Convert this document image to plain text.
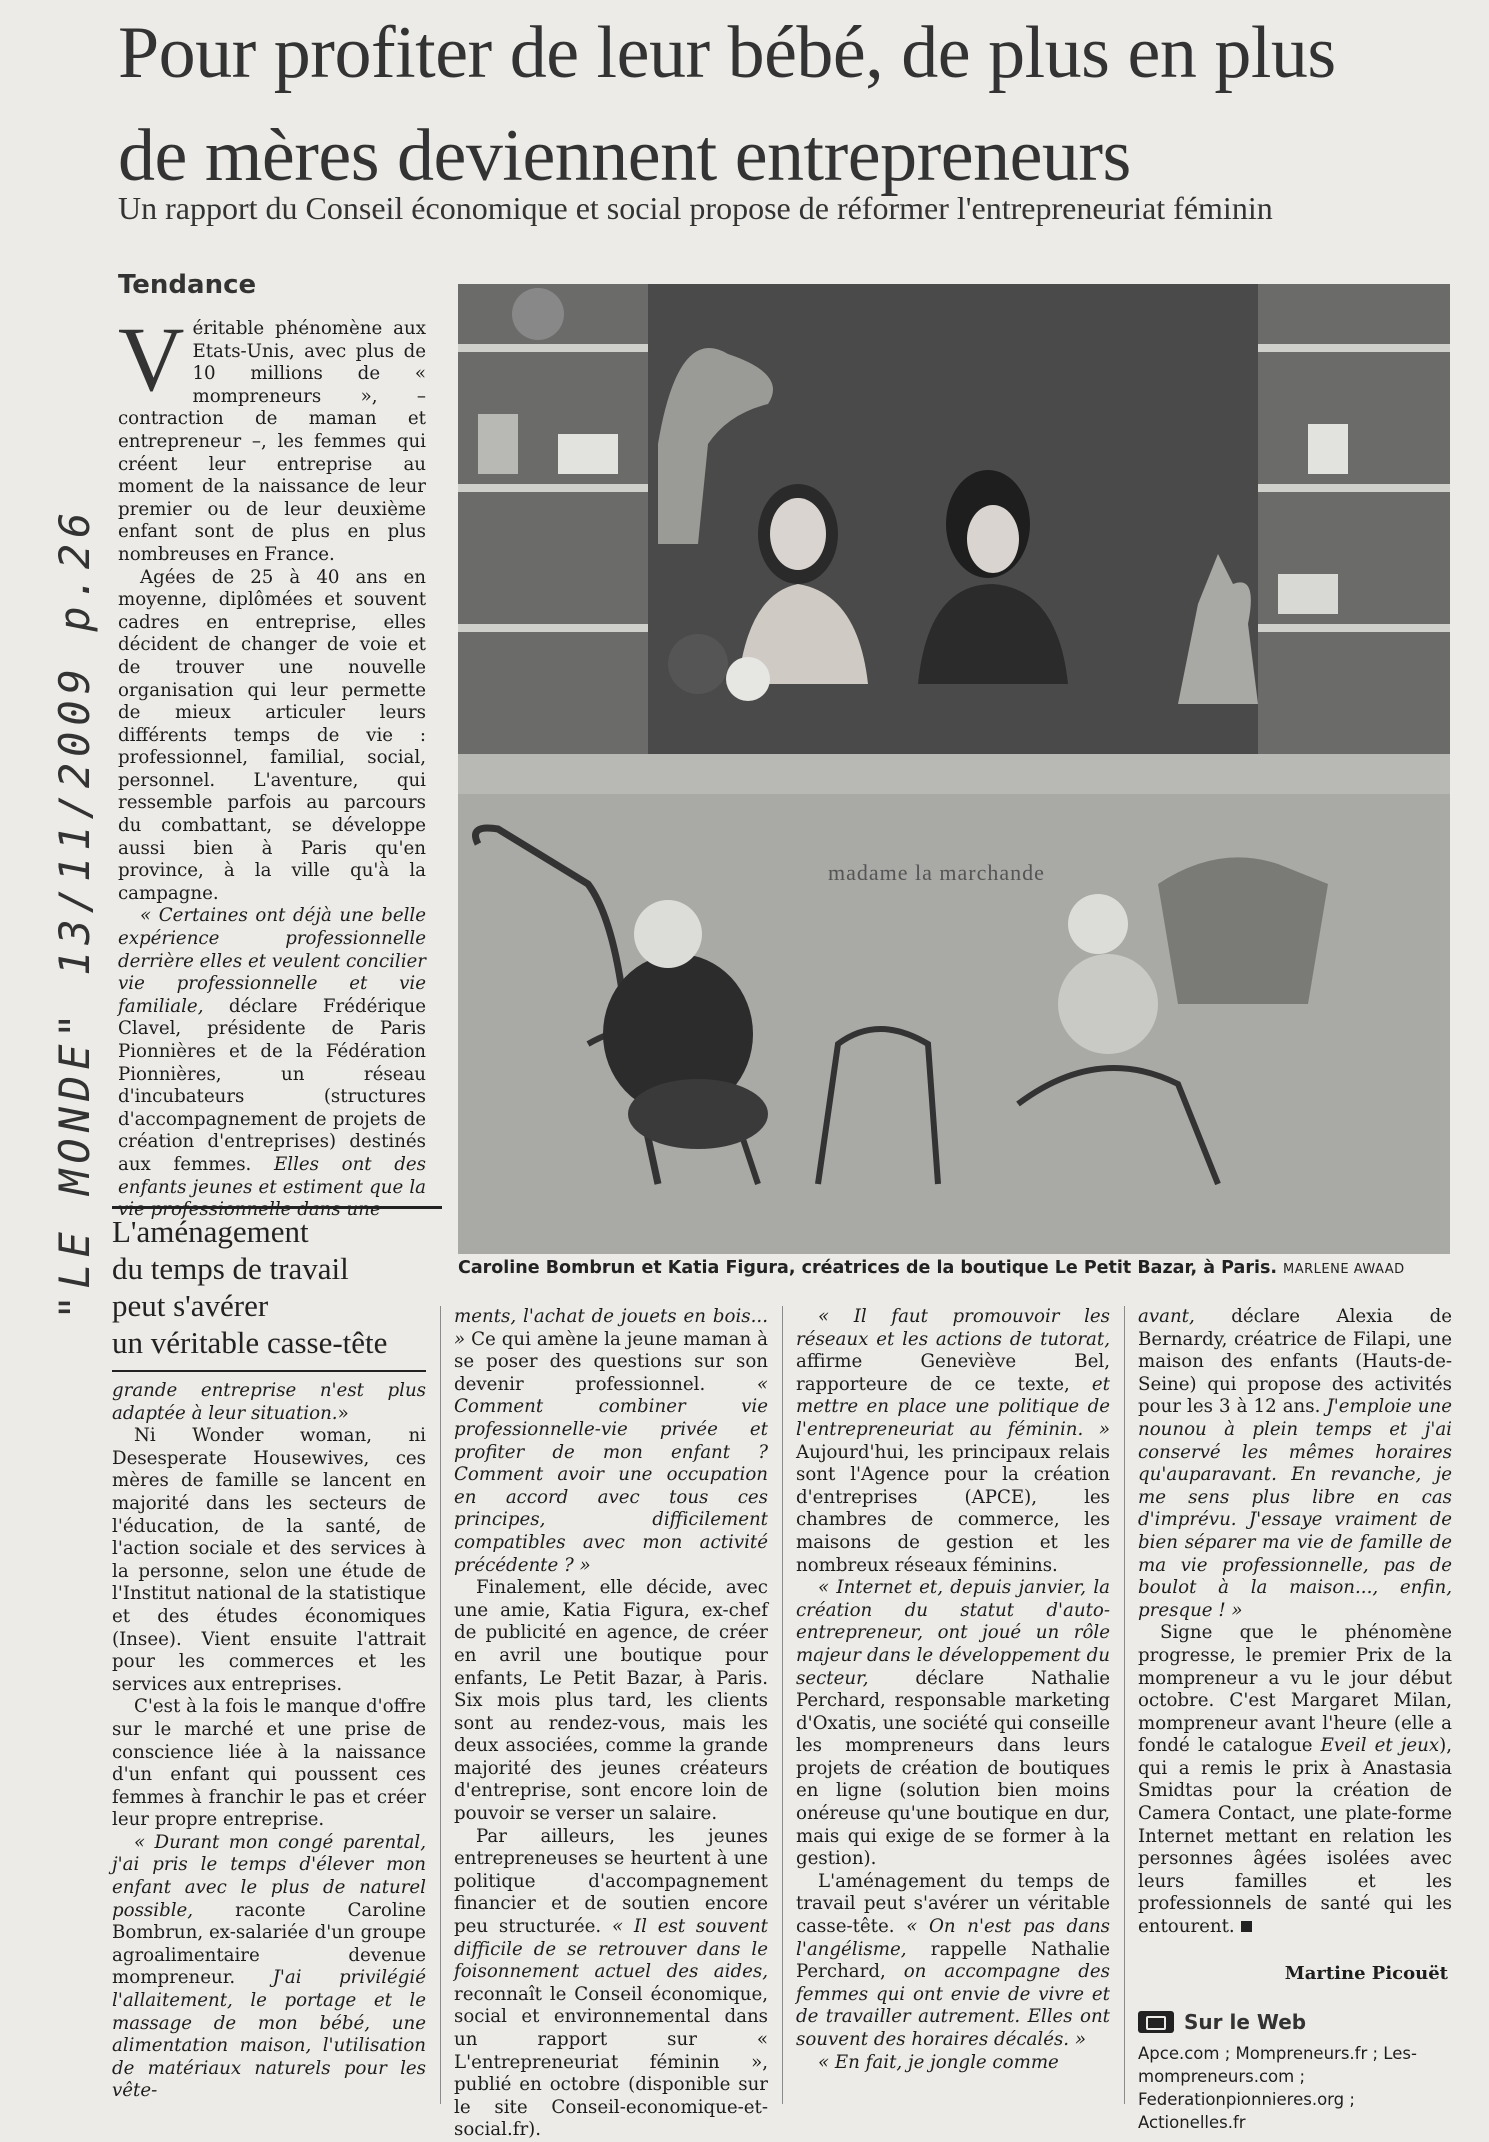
Pour profiter de leur bébé, de plus en plus
de mères deviennent entrepreneurs
Un rapport du Conseil économique et social propose de réformer l'entrepreneuriat féminin
Tendance
"LE MONDE" 13/11/2009 p.26

Véritable phénomène aux Etats-Unis, avec plus de 10 millions de « mompreneurs », – contraction de maman et entrepreneur –, les femmes qui créent leur entreprise au moment de la naissance de leur premier ou de leur deuxième enfant sont de plus en plus nombreuses en France.

Agées de 25 à 40 ans en moyenne, diplômées et souvent cadres en entreprise, elles décident de changer de voie et de trouver une nouvelle organisation qui leur permette de mieux articuler leurs différents temps de vie : professionnel, familial, social, personnel. L'aventure, qui ressemble parfois au parcours du combattant, se développe aussi bien à Paris qu'en province, à la ville qu'à la campagne.

« Certaines ont déjà une belle expérience professionnelle derrière elles et veulent concilier vie professionnelle et vie familiale, déclare Frédérique Clavel, présidente de Paris Pionnières et de la Fédération Pionnières, un réseau d'incubateurs (structures d'accompagnement de projets de création d'entreprises) destinés aux femmes. Elles ont des enfants jeunes et estiment que la vie professionnelle dans une

L'aménagement
du temps de travail
peut s'avérer
un véritable casse-tête

grande entreprise n'est plus adaptée à leur situation.»

Ni Wonder woman, ni Desesperate Housewives, ces mères de famille se lancent en majorité dans les secteurs de l'éducation, de la santé, de l'action sociale et des services à la personne, selon une étude de l'Institut national de la statistique et des études économiques (Insee). Vient ensuite l'attrait pour les commerces et les services aux entreprises.

C'est à la fois le manque d'offre sur le marché et une prise de conscience liée à la naissance d'un enfant qui poussent ces femmes à franchir le pas et créer leur propre entreprise.

« Durant mon congé parental, j'ai pris le temps d'élever mon enfant avec le plus de naturel possible, raconte Caroline Bombrun, ex-salariée d'un groupe agroalimentaire devenue mompreneur. J'ai privilégié l'allaitement, le portage et le massage de mon bébé, une alimentation maison, l'utilisation de matériaux naturels pour les vête-

madame la marchande
Caroline Bombrun et Katia Figura, créatrices de la boutique Le Petit Bazar, à Paris. MARLENE AWAAD

ments, l'achat de jouets en bois... » Ce qui amène la jeune maman à se poser des questions sur son devenir professionnel.	« Comment combiner vie professionnelle-vie privée et profiter de mon enfant ? Comment avoir une occupation en accord avec tous ces principes, difficilement compatibles avec mon activité précédente ? »

Finalement, elle décide, avec une amie, Katia Figura, ex-chef de publicité en agence, de créer en avril une boutique pour enfants, Le Petit Bazar, à Paris. Six mois plus tard, les clients sont au rendez-vous, mais les deux associées, comme la grande majorité des jeunes créateurs d'entreprise, sont encore loin de pouvoir se verser un salaire.

Par ailleurs, les jeunes entrepreneuses se heurtent à une politique d'accompagnement financier et de soutien encore peu structurée. « Il est souvent difficile de se retrouver dans le foisonnement actuel des aides, reconnaît le Conseil économique, social et environnemental dans un rapport sur « L'entrepreneuriat féminin », publié en octobre (disponible sur le site Conseil-economique-et-social.fr).

« Il faut promouvoir les réseaux et les actions de tutorat, affirme Geneviève Bel, rapporteure de ce texte, et mettre en place une politique de l'entrepreneuriat au féminin. » Aujourd'hui, les principaux relais sont l'Agence pour la création d'entreprises (APCE), les chambres de commerce, les maisons de gestion et les nombreux réseaux féminins.

« Internet et, depuis janvier, la création du statut d'auto-entrepreneur, ont joué un rôle majeur dans le développement du secteur,	déclare Nathalie Perchard, responsable marketing d'Oxatis, une société qui conseille les mompreneurs dans leurs projets de création de boutiques en ligne (solution bien moins onéreuse qu'une boutique en dur, mais qui exige de se former à la gestion).

L'aménagement du temps de travail peut s'avérer un véritable casse-tête. « On n'est pas dans l'angélisme, rappelle Nathalie Perchard, on accompagne des femmes qui ont envie de vivre et de travailler autrement. Elles ont souvent des horaires décalés. »

« En fait, je jongle comme

avant, déclare Alexia de Bernardy, créatrice de Filapi, une maison des enfants (Hauts-de-Seine) qui propose des activités pour les 3 à 12 ans. J'emploie une nounou à plein temps et j'ai conservé les mêmes horaires qu'auparavant. En revanche, je me sens plus libre en cas d'imprévu. J'essaye vraiment de bien séparer ma vie de famille de ma vie professionnelle, pas de boulot à la maison..., enfin, presque ! »

Signe que le phénomène progresse, le premier Prix de la mompreneur a vu le jour début octobre. C'est Margaret Milan, mompreneur avant l'heure (elle a fondé le catalogue Eveil et jeux), qui a remis le prix à Anastasia Smidtas pour la création de Camera Contact, une plate-forme Internet mettant en relation les personnes âgées isolées avec leurs familles et les professionnels de santé qui les entourent.

Martine Picouët
Sur le Web
Apce.com ; Mompreneurs.fr ; Les-mompreneurs.com ; Federationpionnieres.org ; Actionelles.fr
